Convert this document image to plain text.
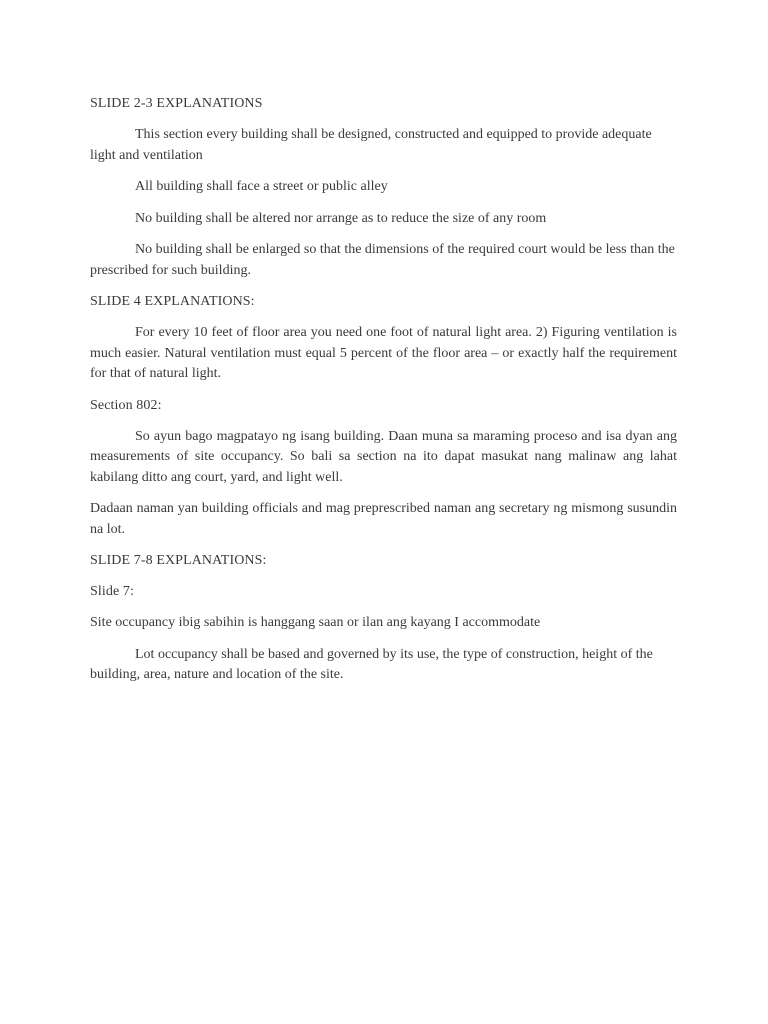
SLIDE 2-3 EXPLANATIONS

This section every building shall be designed, constructed and equipped to provide adequate light and ventilation

All building shall face a street or public alley

No building shall be altered nor arrange as to reduce the size of any room

No building shall be enlarged so that the dimensions of the required court would be less than the prescribed for such building.

SLIDE 4 EXPLANATIONS:

For every 10 feet of floor area you need one foot of natural light area. 2) Figuring ventilation is much easier. Natural ventilation must equal 5 percent of the floor area – or exactly half the requirement for that of natural light.

Section 802:

So ayun bago magpatayo ng isang building. Daan muna sa maraming proceso and isa dyan ang measurements of site occupancy. So bali sa section na ito dapat masukat nang malinaw ang lahat kabilang ditto ang court, yard, and light well.

Dadaan naman yan building officials and mag preprescribed naman ang secretary ng mismong susundin na lot.

SLIDE 7-8 EXPLANATIONS:

Slide 7:

Site occupancy ibig sabihin is hanggang saan or ilan ang kayang I accommodate

Lot occupancy shall be based and governed by its use, the type of construction, height of the building, area, nature and location of the site.
